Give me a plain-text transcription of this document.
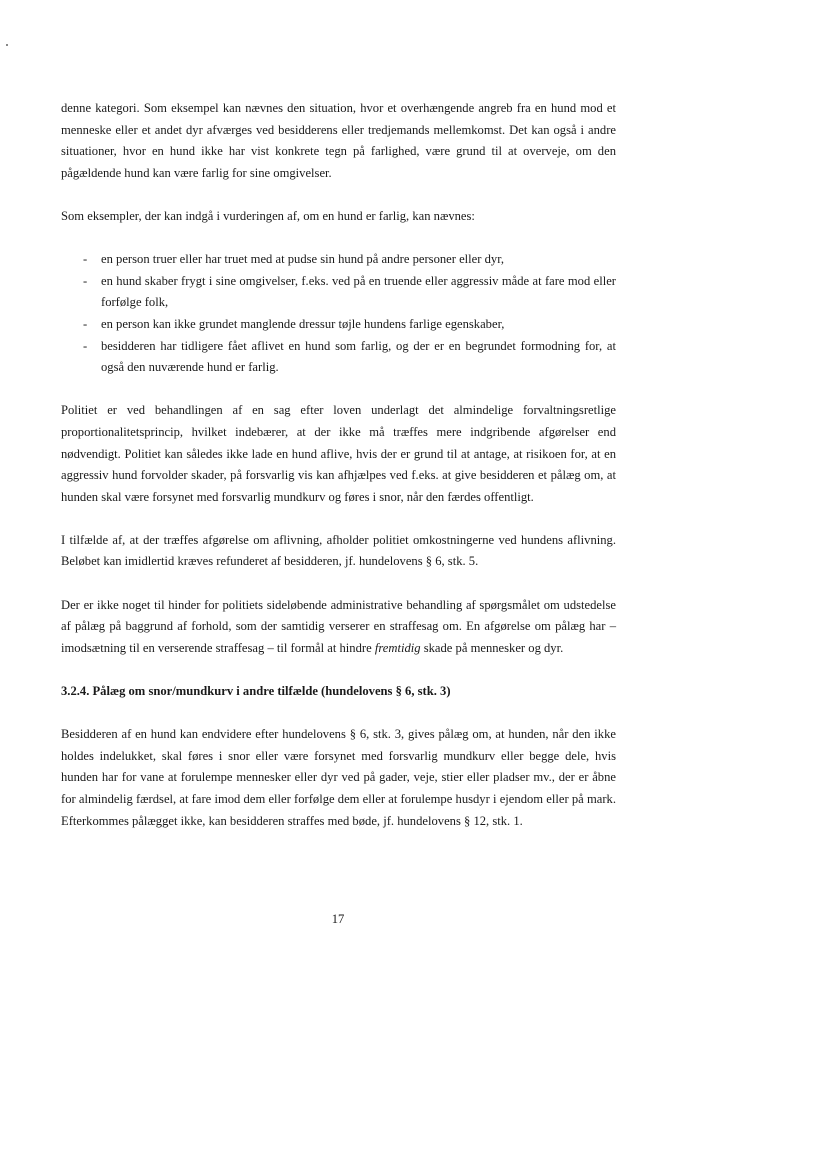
denne kategori. Som eksempel kan nævnes den situation, hvor et overhængende angreb fra en hund mod et menneske eller et andet dyr afværges ved besidderens eller tredjemands mellemkomst. Det kan også i andre situationer, hvor en hund ikke har vist konkrete tegn på farlighed, være grund til at overveje, om den pågældende hund kan være farlig for sine omgivelser.

Som eksempler, der kan indgå i vurderingen af, om en hund er farlig, kan nævnes:

- en person truer eller har truet med at pudse sin hund på andre personer eller dyr,
- en hund skaber frygt i sine omgivelser, f.eks. ved på en truende eller aggressiv måde at fare mod eller forfølge folk,
- en person kan ikke grundet manglende dressur tøjle hundens farlige egenskaber,
- besidderen har tidligere fået aflivet en hund som farlig, og der er en begrundet formodning for, at også den nuværende hund er farlig.

Politiet er ved behandlingen af en sag efter loven underlagt det almindelige forvaltningsretlige proportionalitetsprincip, hvilket indebærer, at der ikke må træffes mere indgribende afgørelser end nødvendigt. Politiet kan således ikke lade en hund aflive, hvis der er grund til at antage, at risikoen for, at en aggressiv hund forvolder skader, på forsvarlig vis kan afhjælpes ved f.eks. at give besidderen et pålæg om, at hunden skal være forsynet med forsvarlig mundkurv og føres i snor, når den færdes offentligt.

I tilfælde af, at der træffes afgørelse om aflivning, afholder politiet omkostningerne ved hundens aflivning. Beløbet kan imidlertid kræves refunderet af besidderen, jf. hundelovens § 6, stk. 5.

Der er ikke noget til hinder for politiets sideløbende administrative behandling af spørgsmålet om udstedelse af pålæg på baggrund af forhold, som der samtidig verserer en straffesag om. En afgørelse om pålæg har – imodsætning til en verserende straffesag – til formål at hindre fremtidig skade på mennesker og dyr.

3.2.4. Pålæg om snor/mundkurv i andre tilfælde (hundelovens § 6, stk. 3)

Besidderen af en hund kan endvidere efter hundelovens § 6, stk. 3, gives pålæg om, at hunden, når den ikke holdes indelukket, skal føres i snor eller være forsynet med forsvarlig mundkurv eller begge dele, hvis hunden har for vane at forulempe mennesker eller dyr ved på gader, veje, stier eller pladser mv., der er åbne for almindelig færdsel, at fare imod dem eller forfølge dem eller at forulempe husdyr i ejendom eller på mark. Efterkommes pålægget ikke, kan besidderen straffes med bøde, jf. hundelovens § 12, stk. 1.

17
